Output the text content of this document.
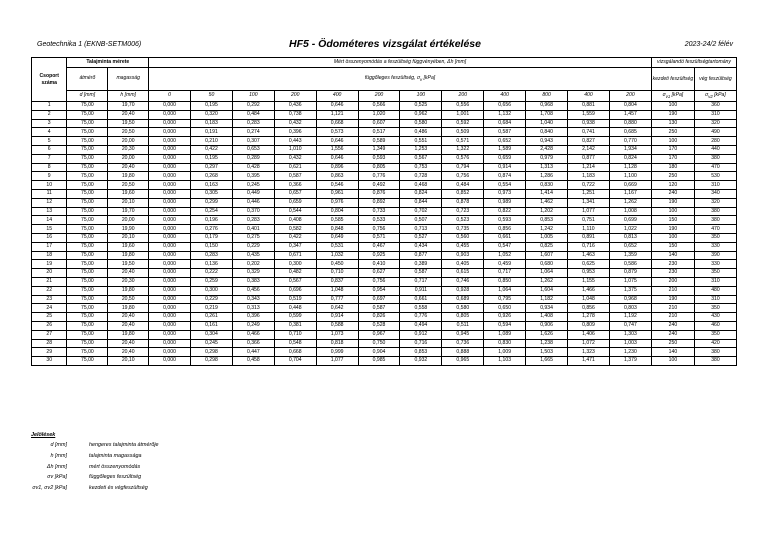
Geotechnika 1 (EKNB-SETM006)	HF5 - Ödométeres vizsgálat értékelése	2023-24/2 félév
Csoport száma	Talajminta mérete		Mért összenyomódás a feszültség függvényében, Δh [mm]												vizsgálandó feszültségtartomány	
	átmérő	magasság	függőleges feszültség, $\sigma_v$ [kPa]												kezdeti feszültség	vég feszültség
	d [mm]	h [mm]	0	50	100	200	400	200	100	200	400	800	400	200	$\sigma_{v1}$ [kPa]	$\sigma_{v2}$ [kPa]
1	75,00	19,70	0,000	0,195	0,292	0,436	0,646	0,566	0,525	0,556	0,656	0,968	0,881	0,804	100	360
2	75,00	20,40	0,000	0,320	0,484	0,738	1,121	1,020	0,962	1,001	1,132	1,708	1,559	1,457	190	310
3	75,00	19,50	0,000	0,183	0,283	0,432	0,668	0,607	0,580	0,592	0,684	1,040	0,938	0,880	130	320
4	75,00	20,50	0,000	0,191	0,274	0,396	0,573	0,517	0,486	0,509	0,587	0,840	0,741	0,685	250	490
5	75,00	20,00	0,000	0,210	0,307	0,443	0,646	0,589	0,551	0,571	0,652	0,943	0,827	0,770	100	280
6	75,00	20,30	0,000	0,422	0,653	1,010	1,556	1,349	1,253	1,322	1,589	2,428	2,142	1,934	170	440
7	75,00	20,00	0,000	0,195	0,289	0,432	0,646	0,593	0,567	0,576	0,659	0,979	0,877	0,824	170	380
8	75,00	20,40	0,000	0,297	0,428	0,621	0,896	0,805	0,753	0,794	0,914	1,313	1,214	1,128	180	470
9	75,00	19,80	0,000	0,268	0,395	0,587	0,863	0,776	0,728	0,756	0,874	1,286	1,183	1,100	250	530
10	75,00	20,50	0,000	0,163	0,245	0,366	0,546	0,492	0,468	0,484	0,554	0,830	0,722	0,669	120	310
11	75,00	19,60	0,000	0,305	0,449	0,657	0,961	0,876	0,824	0,852	0,973	1,414	1,251	1,167	240	340
12	75,00	20,10	0,000	0,299	0,446	0,659	0,976	0,892	0,844	0,878	0,989	1,462	1,341	1,262	190	320
13	75,00	19,70	0,000	0,254	0,370	0,544	0,804	0,733	0,702	0,723	0,822	1,202	1,077	1,008	100	380
14	75,00	20,00	0,000	0,196	0,283	0,408	0,585	0,533	0,507	0,523	0,593	0,853	0,751	0,699	150	380
15	75,00	19,90	0,000	0,276	0,401	0,582	0,848	0,756	0,713	0,735	0,856	1,242	1,110	1,022	190	470
16	75,00	20,10	0,000	0,179	0,275	0,422	0,649	0,571	0,527	0,560	0,661	1,005	0,891	0,813	100	350
17	75,00	19,60	0,000	0,150	0,229	0,347	0,531	0,467	0,434	0,455	0,547	0,825	0,716	0,652	150	330
18	75,00	19,80	0,000	0,283	0,435	0,671	1,032	0,925	0,877	0,903	1,052	1,607	1,463	1,359	140	390
19	75,00	19,50	0,000	0,136	0,202	0,300	0,450	0,410	0,389	0,405	0,459	0,680	0,625	0,586	230	330
20	75,00	20,40	0,000	0,222	0,329	0,482	0,710	0,627	0,587	0,615	0,717	1,064	0,953	0,879	230	350
21	75,00	20,30	0,000	0,259	0,383	0,567	0,837	0,756	0,717	0,746	0,850	1,262	1,155	1,075	200	310
22	75,00	19,80	0,000	0,300	0,456	0,696	1,048	0,954	0,911	0,928	1,064	1,604	1,466	1,375	210	480
23	75,00	20,50	0,000	0,229	0,343	0,519	0,777	0,697	0,661	0,689	0,795	1,182	1,048	0,968	190	310
24	75,00	19,80	0,000	0,219	0,313	0,448	0,642	0,587	0,558	0,580	0,650	0,934	0,856	0,803	210	350
25	75,00	20,40	0,000	0,261	0,396	0,599	0,914	0,826	0,776	0,805	0,926	1,408	1,278	1,192	210	430
26	75,00	20,40	0,000	0,161	0,249	0,381	0,588	0,528	0,494	0,511	0,594	0,906	0,809	0,747	240	460
27	75,00	19,80	0,000	0,304	0,466	0,710	1,073	0,967	0,912	0,945	1,089	1,626	1,406	1,303	240	350
28	75,00	20,40	0,000	0,245	0,366	0,548	0,818	0,750	0,716	0,736	0,830	1,238	1,072	1,003	250	420
29	75,00	20,40	0,000	0,298	0,447	0,668	0,999	0,904	0,853	0,888	1,009	1,503	1,323	1,230	140	380
30	75,00	20,10	0,000	0,298	0,458	0,704	1,077	0,985	0,932	0,965	1,103	1,665	1,471	1,379	100	380
Jelölések
d [mm]	hengeres talajminta átmérője
h [mm]	talajminta magassága
Δh [mm]	mért összenyomódás
σv [kPa]	függőleges feszültség
σv1, σv2 [kPa]	kezdeti és végfeszültség
